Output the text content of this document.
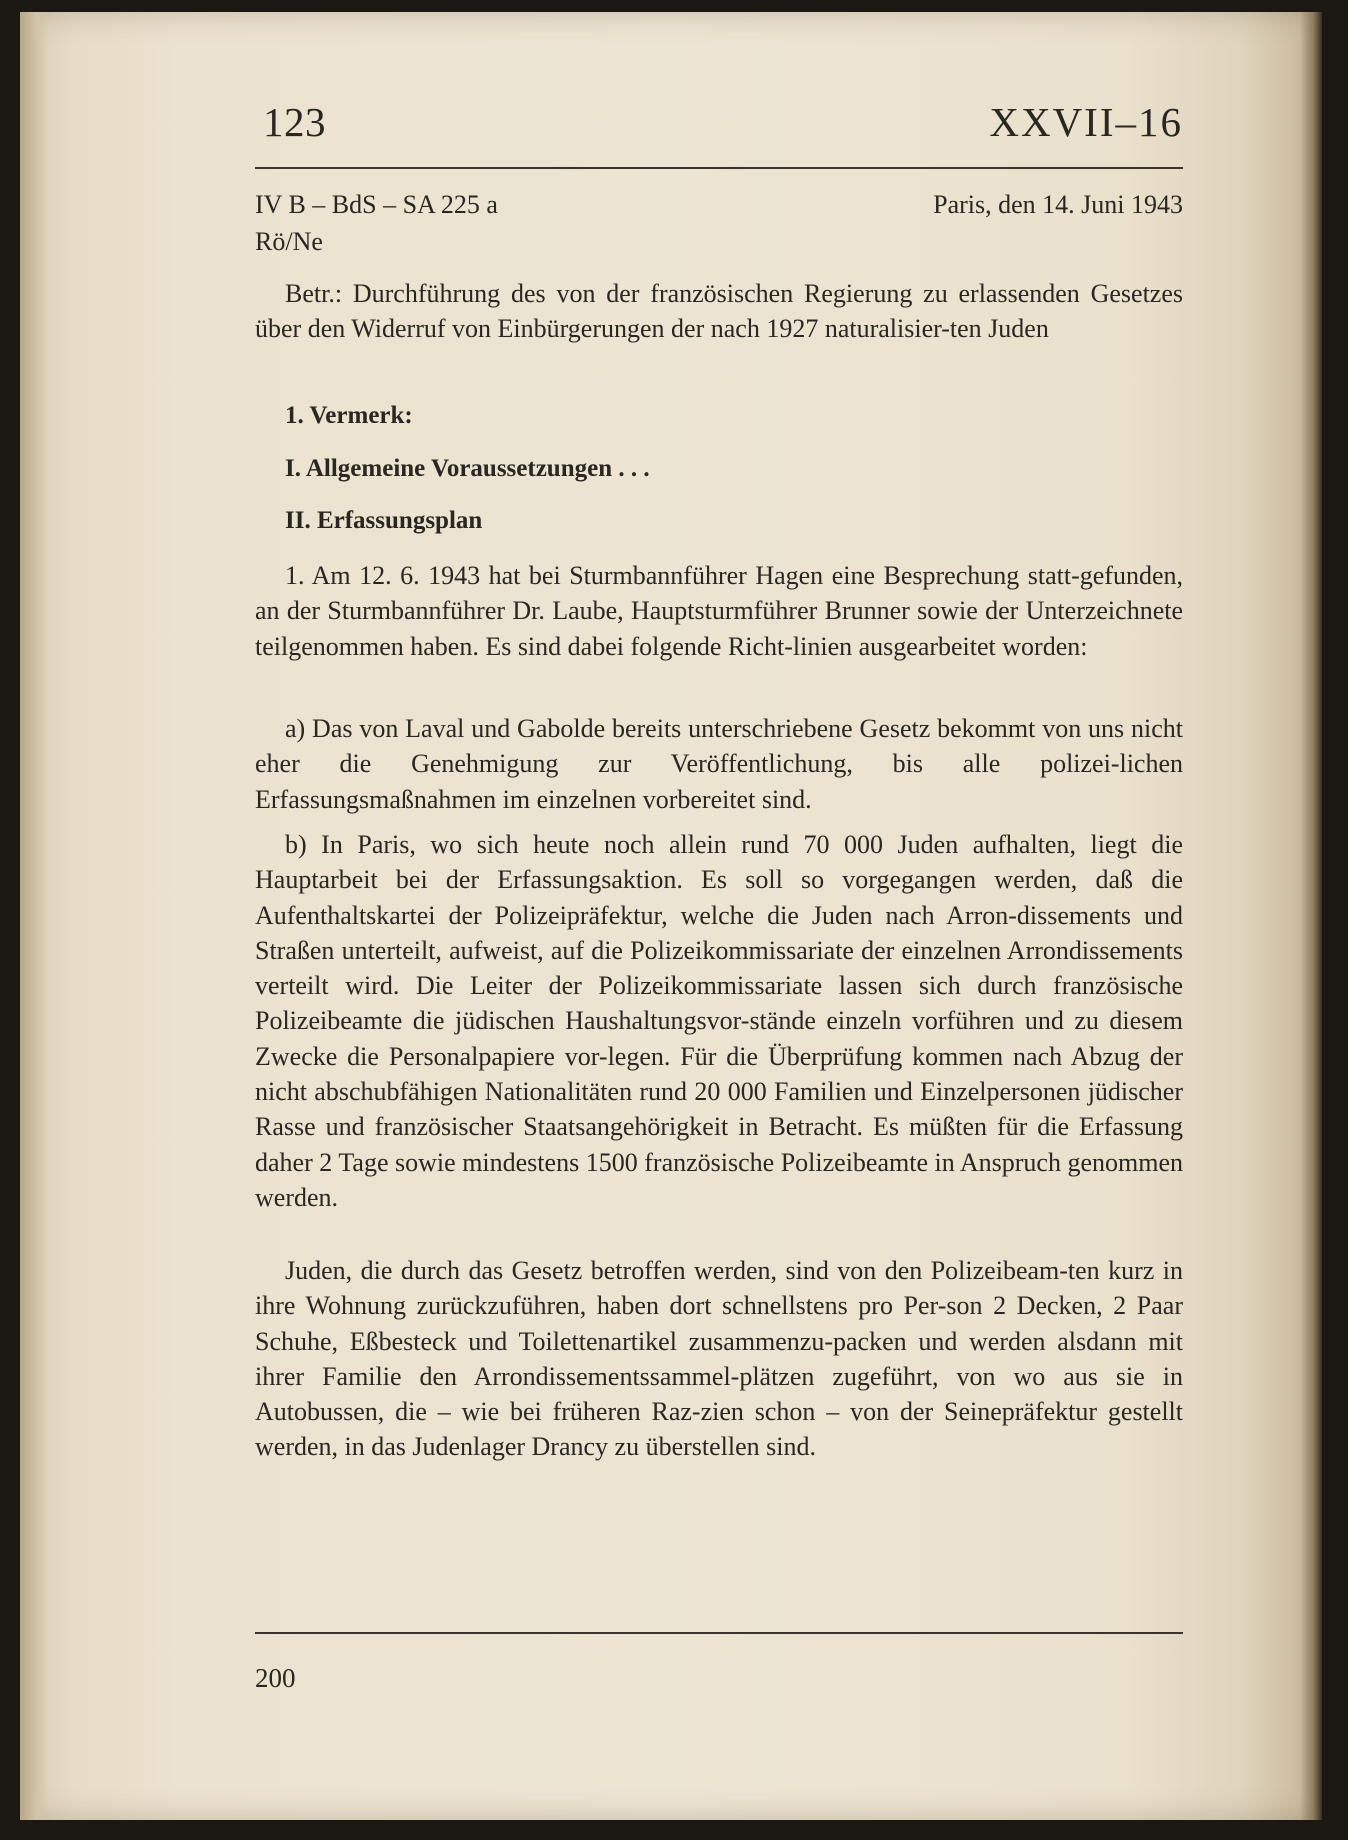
123	XXVII–16
IV B – BdS – SA 225 a
Rö/Ne
Paris, den 14. Juni 1943
Betr.: Durchführung des von der französischen Regierung zu erlassenden Gesetzes über den Widerruf von Einbürgerungen der nach 1927 naturalisier-ten Juden
1. Vermerk:
I. Allgemeine Voraussetzungen . . .
II. Erfassungsplan
1. Am 12. 6. 1943 hat bei Sturmbannführer Hagen eine Besprechung statt-gefunden, an der Sturmbannführer Dr. Laube, Hauptsturmführer Brunner sowie der Unterzeichnete teilgenommen haben. Es sind dabei folgende Richt-linien ausgearbeitet worden:
a) Das von Laval und Gabolde bereits unterschriebene Gesetz bekommt von uns nicht eher die Genehmigung zur Veröffentlichung, bis alle polizei-lichen Erfassungsmaßnahmen im einzelnen vorbereitet sind.
b) In Paris, wo sich heute noch allein rund 70 000 Juden aufhalten, liegt die Hauptarbeit bei der Erfassungsaktion. Es soll so vorgegangen werden, daß die Aufenthaltskartei der Polizeipräfektur, welche die Juden nach Arron-dissements und Straßen unterteilt, aufweist, auf die Polizeikommissariate der einzelnen Arrondissements verteilt wird. Die Leiter der Polizeikommissariate lassen sich durch französische Polizeibeamte die jüdischen Haushaltungsvor-stände einzeln vorführen und zu diesem Zwecke die Personalpapiere vor-legen. Für die Überprüfung kommen nach Abzug der nicht abschubfähigen Nationalitäten rund 20 000 Familien und Einzelpersonen jüdischer Rasse und französischer Staatsangehörigkeit in Betracht. Es müßten für die Erfassung daher 2 Tage sowie mindestens 1500 französische Polizeibeamte in Anspruch genommen werden.
Juden, die durch das Gesetz betroffen werden, sind von den Polizeibeam-ten kurz in ihre Wohnung zurückzuführen, haben dort schnellstens pro Per-son 2 Decken, 2 Paar Schuhe, Eßbesteck und Toilettenartikel zusammenzu-packen und werden alsdann mit ihrer Familie den Arrondissementssammel-plätzen zugeführt, von wo aus sie in Autobussen, die – wie bei früheren Raz-zien schon – von der Seinepräfektur gestellt werden, in das Judenlager Drancy zu überstellen sind.
200
